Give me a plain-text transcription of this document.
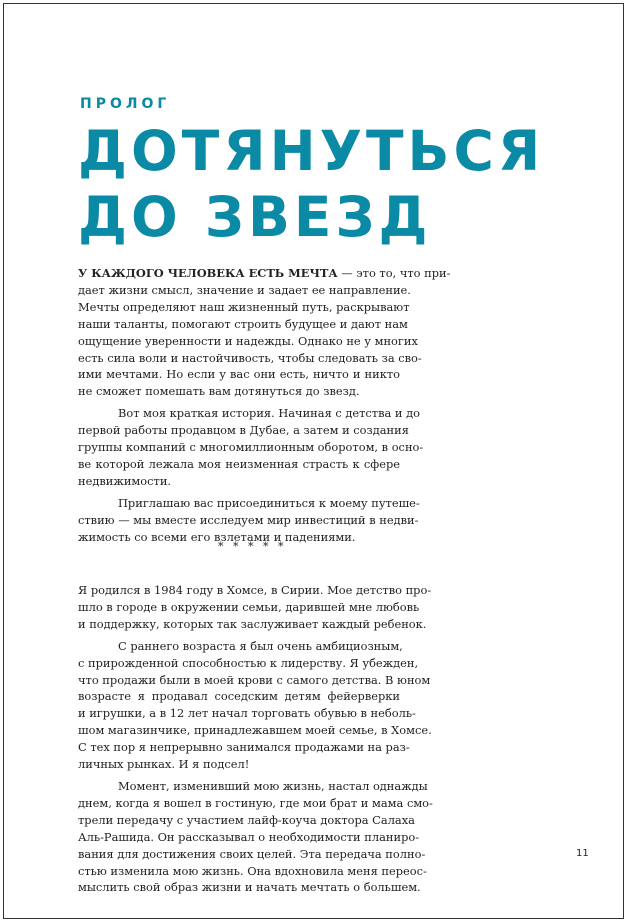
ПРОЛОГ
ДОТЯНУТЬСЯ
ДО ЗВЕЗД
У КАЖДОГО ЧЕЛОВЕКА ЕСТЬ МЕЧТА — это то, что при-
дает жизни смысл, значение и задает ее направление.
Мечты определяют наш жизненный путь, раскрывают
наши таланты, помогают строить будущее и дают нам
ощущение уверенности и надежды. Однако не у многих
есть сила воли и настойчивость, чтобы следовать за сво-
ими мечтами. Но если у вас они есть, ничто и никто
не сможет помешать вам дотянуться до звезд.
Вот моя краткая история. Начиная с детства и до
первой работы продавцом в Дубае, а затем и создания
группы компаний с многомиллионным оборотом, в осно-
ве которой лежала моя неизменная страсть к сфере
недвижимости.
Приглашаю вас присоединиться к моему путеше-
ствию — мы вместе исследуем мир инвестиций в недви-
жимость со всеми его взлетами и падениями.
* * * * *
Я родился в 1984 году в Хомсе, в Сирии. Мое детство про-
шло в городе в окружении семьи, дарившей мне любовь
и поддержку, которых так заслуживает каждый ребенок.
С раннего возраста я был очень амбициозным,
с прирожденной способностью к лидерству. Я убежден,
что продажи были в моей крови с самого детства. В юном
возрасте я продавал соседским детям фейерверки
и игрушки, а в 12 лет начал торговать обувью в неболь-
шом магазинчике, принадлежавшем моей семье, в Хомсе.
С тех пор я непрерывно занимался продажами на раз-
личных рынках. И я подсел!
Момент, изменивший мою жизнь, настал однажды
днем, когда я вошел в гостиную, где мои брат и мама смо-
трели передачу с участием лайф-коуча доктора Салаха
Аль-Рашида. Он рассказывал о необходимости планиро-
вания для достижения своих целей. Эта передача полно-
стью изменила мою жизнь. Она вдохновила меня переос-
мыслить свой образ жизни и начать мечтать о большем.
11
